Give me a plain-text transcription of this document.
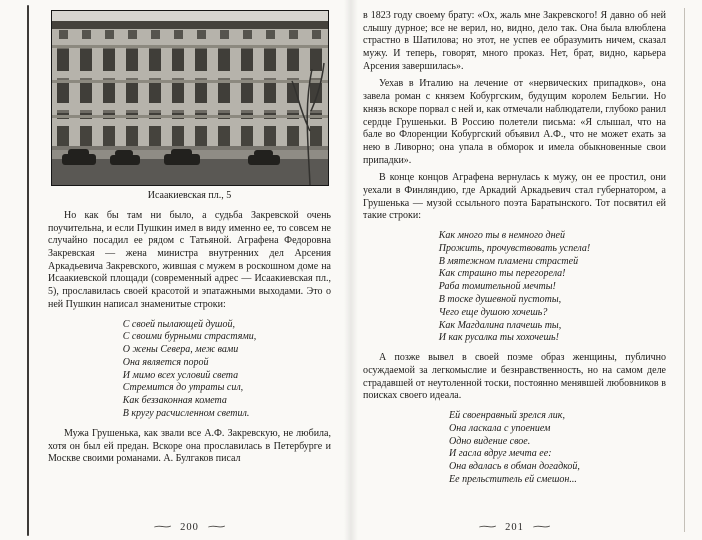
Исаакиевская пл., 5

Но как бы там ни было, а судьба Закревской очень поучительна, и если Пушкин имел в виду именно ее, то совсем не случайно посадил ее рядом с Татьяной. Аграфена Федоровна Закревская — жена министра внутренних дел Арсения Аркадьевича Закревского, жившая с мужем в роскошном доме на Исаакиевской площади (современный адрес — Исаакиевская пл., 5), прославилась своей красотой и эпатажными выходами. Это о ней Пушкин написал знаменитые строки:

С своей пылающей душой,
С своими бурными страстями,
О жены Севера, меж вами
Она является порой
И мимо всех условий света
Стремится до утраты сил,
Как беззаконная комета
В кругу расчисленном светил.

Мужа Грушенька, как звали все А.Ф. Закревскую, не любила, хотя он был ей предан. Вскоре она прославилась в Петербурге и Москве своими романами. А. Булгаков писал

∼ 200 ∼

в 1823 году своему брату: «Ох, жаль мне Закревского! Я давно об ней слышу дурное; все не верил, но, видно, дело так. Она была влюблена страстно в Шатилова; но этот, не успев ее образумить ничем, сказал мужу. И теперь, говорят, много проказ. Нет, брат, видно, карьера Арсения завершилась».

Уехав в Италию на лечение от «нервических припадков», она завела роман с князем Кобургским, будущим королем Бельгии. Но князь вскоре порвал с ней и, как отмечали наблюдатели, глубоко ранил сердце Грушеньки. В Россию полетели письма: «Я слышал, что на бале во Флоренции Кобургский объявил А.Ф., что не может ехать за нею в Ливорно; она упала в обморок и имела обыкновенные свои припадки».

В конце концов Аграфена вернулась к мужу, он ее простил, они уехали в Финляндию, где Аркадий Аркадьевич стал губернатором, а Грушенька — музой ссыльного поэта Баратынского. Тот посвятил ей такие строки:

Как много ты в немного дней
Прожить, прочувствовать успела!
В мятежном пламени страстей
Как страшно ты перегорела!
Раба томительной мечты!
В тоске душевной пустоты,
Чего еще душою хочешь?
Как Магдалина плачешь ты,
И как русалка ты хохочешь!

А позже вывел в своей поэме образ женщины, публично осуждаемой за легкомыслие и безнравственность, но на самом деле страдавшей от неутоленной тоски, постоянно менявшей любовников в поисках своего идеала.

Ей своенравный зрелся лик,
Она ласкала с упоением
Одно видение свое.
И гасла вдруг мечта ее:
Она вдалась в обман догадкой,
Ее прельститель ей смешон...
∼ 201 ∼
